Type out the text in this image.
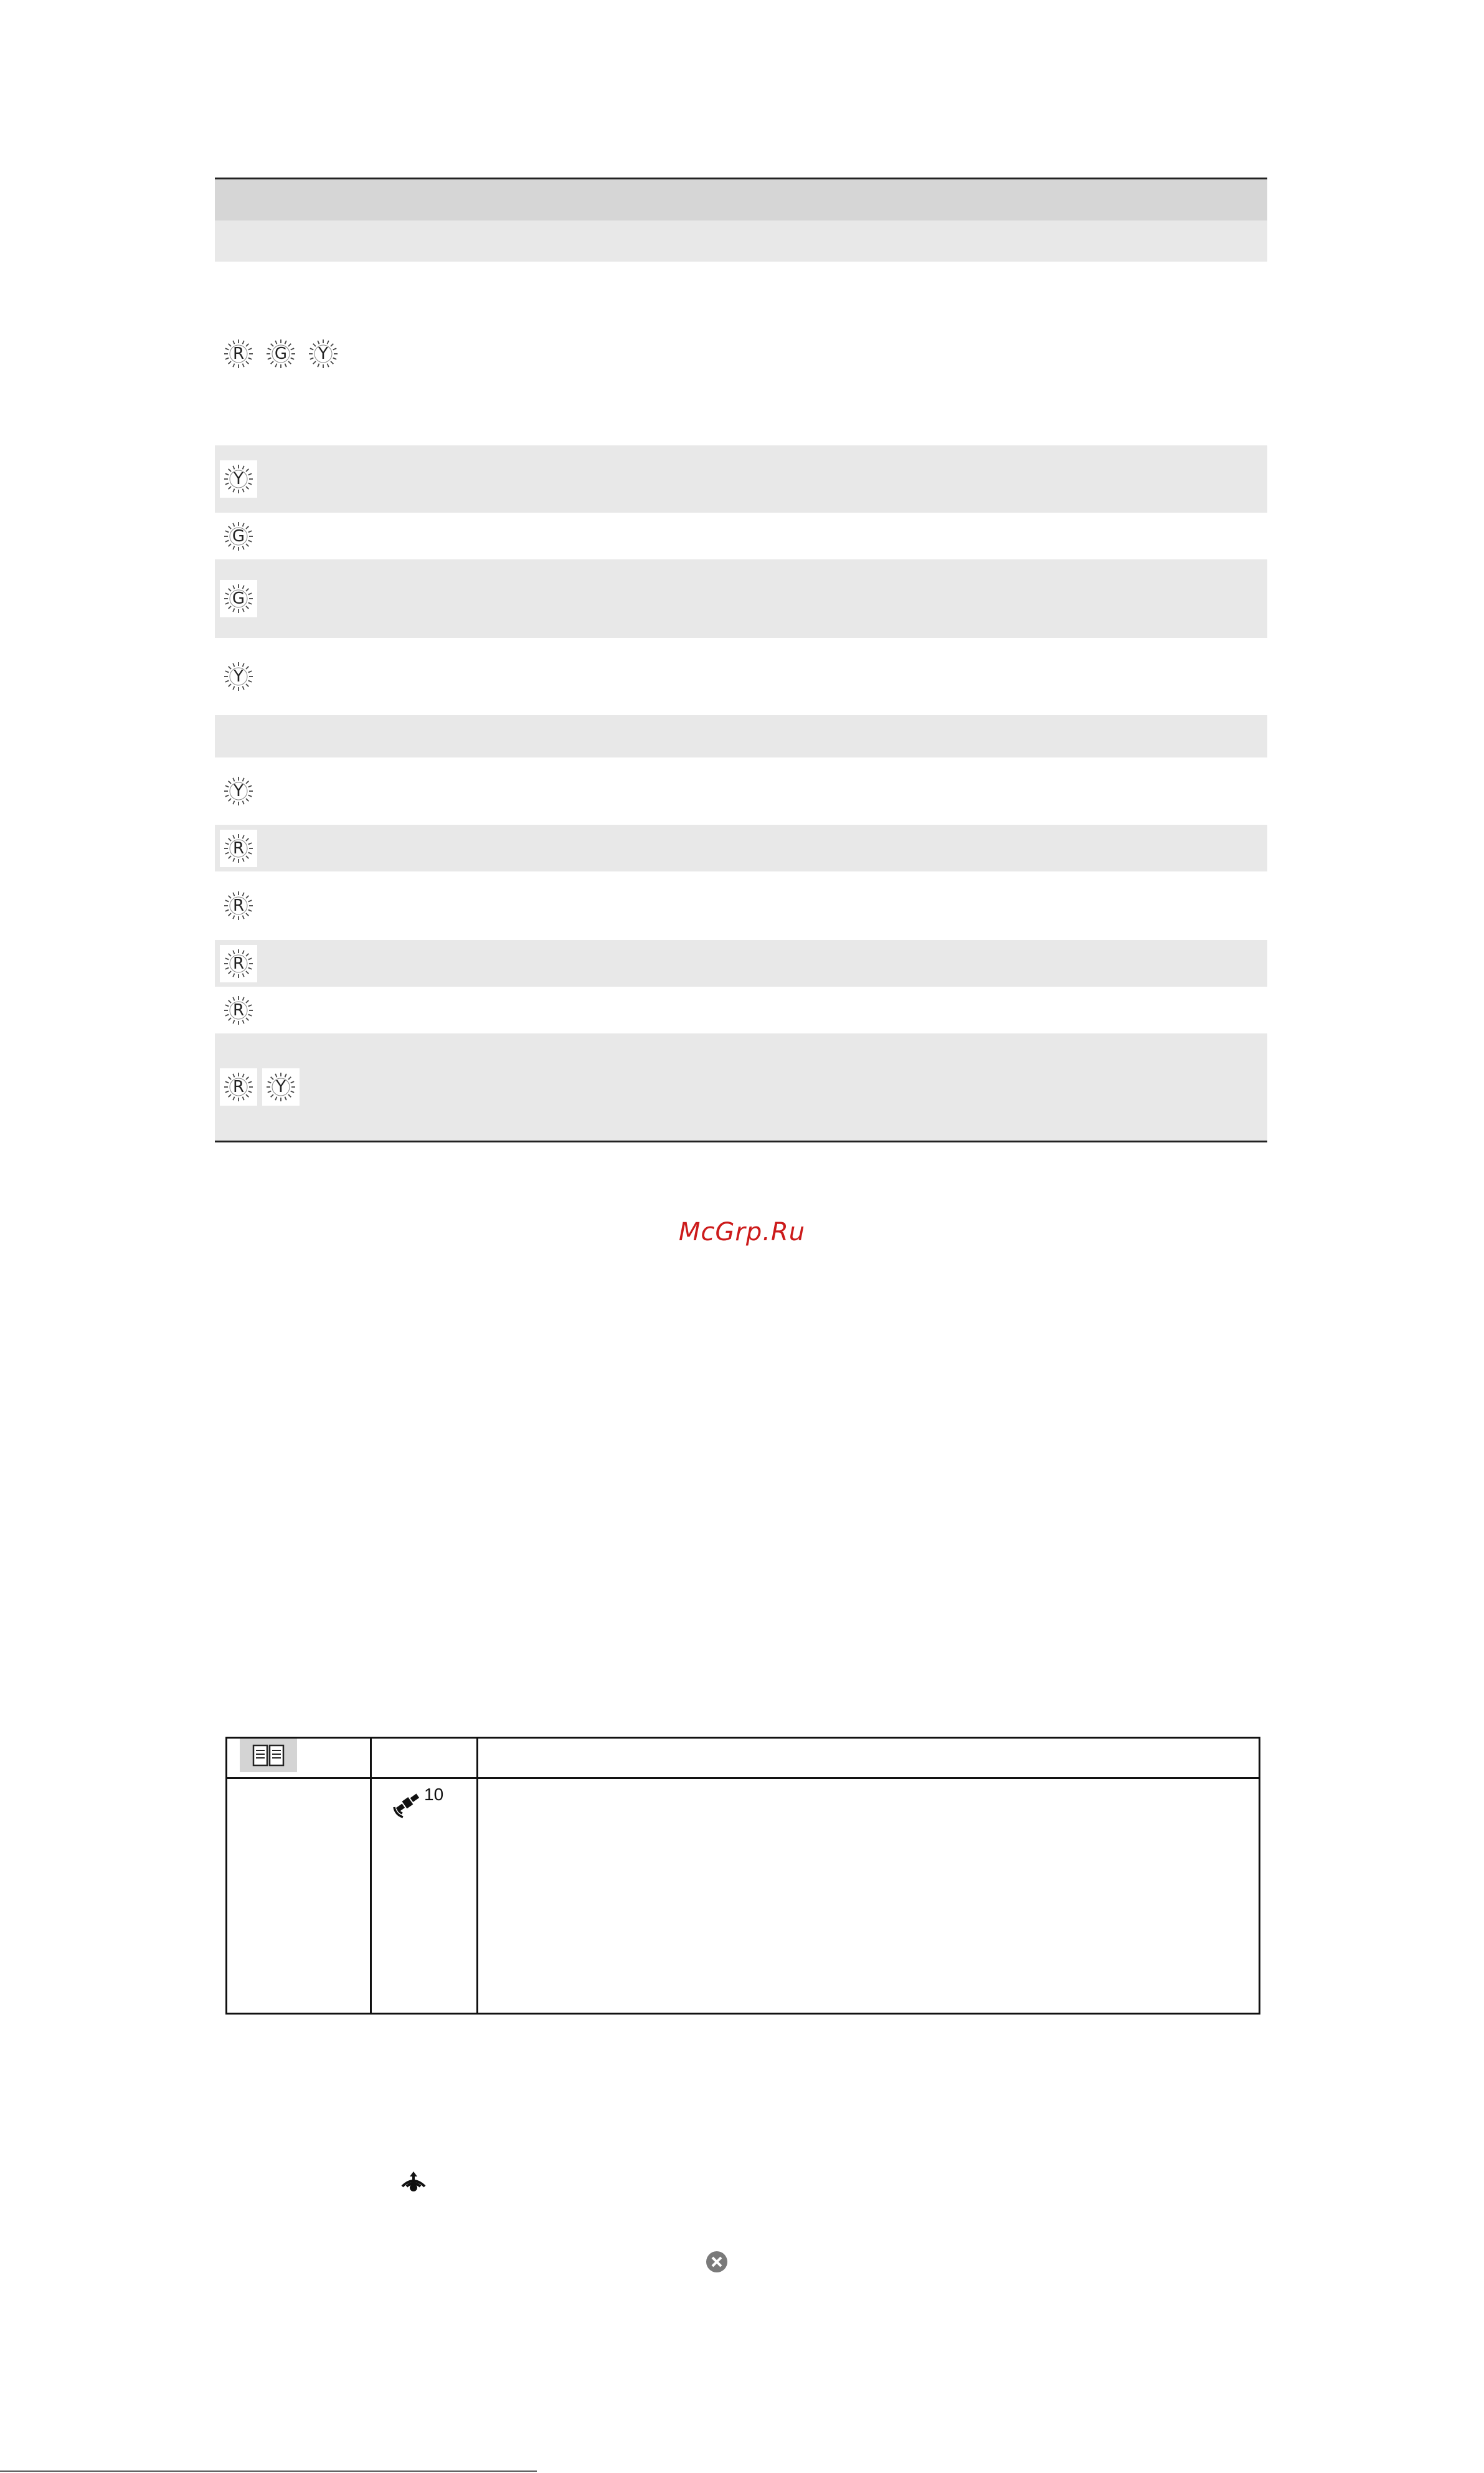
R	G	Y
Y
G
G
Y
Y
R
R
R
R
R	Y
McGrp.Ru
10
